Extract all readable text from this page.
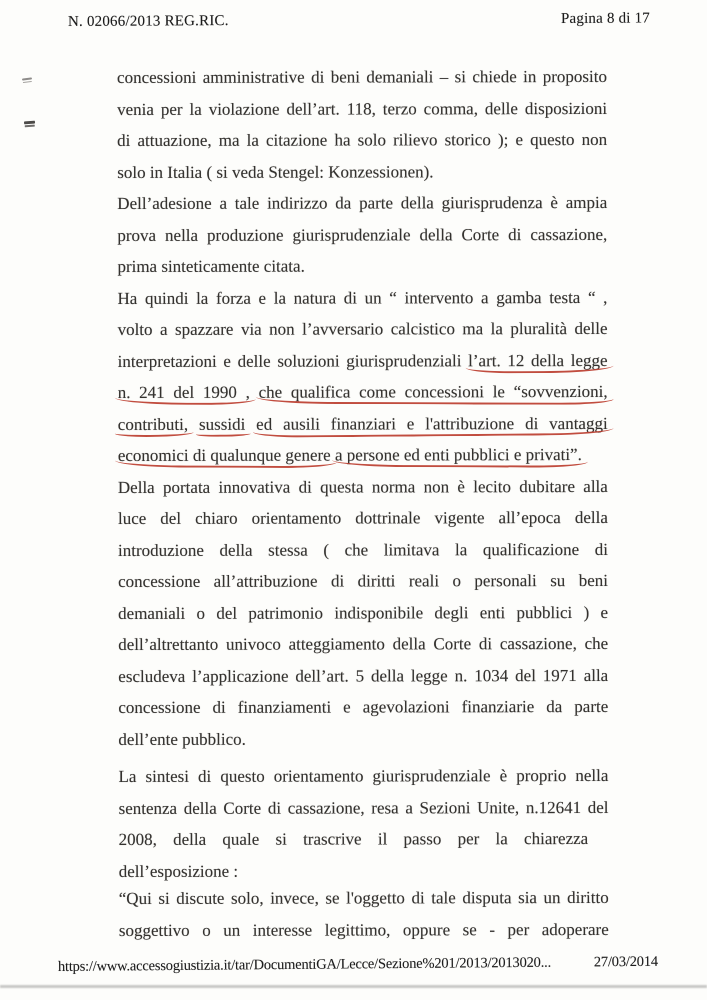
N. 02066/2013 REG.RIC.	Pagina 8 di 17
concessioni amministrative di beni demaniali – si chiede in proposito
venia per la violazione dell’art. 118, terzo comma, delle disposizioni
di attuazione, ma la citazione ha solo rilievo storico ); e questo non
solo in Italia ( si veda Stengel: Konzessionen).
Dell’adesione a tale indirizzo da parte della giurisprudenza è ampia
prova nella produzione giurisprudenziale della Corte di cassazione,
prima sinteticamente citata.
Ha quindi la forza e la natura di un “ intervento a gamba testa “ ,
volto a spazzare via non l’avversario calcistico ma la pluralità delle
interpretazioni e delle soluzioni giurisprudenziali l’art. 12 della legge
n. 241 del 1990 , che qualifica come concessioni le “sovvenzioni,
contributi, sussidi ed ausili finanziari e l'attribuzione di vantaggi
economici di qualunque genere a persone ed enti pubblici e privati”.
Della portata innovativa di questa norma non è lecito dubitare alla
luce del chiaro orientamento dottrinale vigente all’epoca della
introduzione della stessa ( che limitava la qualificazione di
concessione all’attribuzione di diritti reali o personali su beni
demaniali o del patrimonio indisponibile degli enti pubblici ) e
dell’altrettanto univoco atteggiamento della Corte di cassazione, che
escludeva l’applicazione dell’art. 5 della legge n. 1034 del 1971 alla
concessione di finanziamenti e agevolazioni finanziarie da parte
dell’ente pubblico.
La sintesi di questo orientamento giurisprudenziale è proprio nella
sentenza della Corte di cassazione, resa a Sezioni Unite, n.12641 del
2008, della quale si trascrive il passo per la chiarezza
dell’esposizione :
“Qui si discute solo, invece, se l'oggetto di tale disputa sia un diritto
soggettivo o un interesse legittimo, oppure se - per adoperare
https://www.accessogiustizia.it/tar/DocumentiGA/Lecce/Sezione%201/2013/2013020...	27/03/2014
